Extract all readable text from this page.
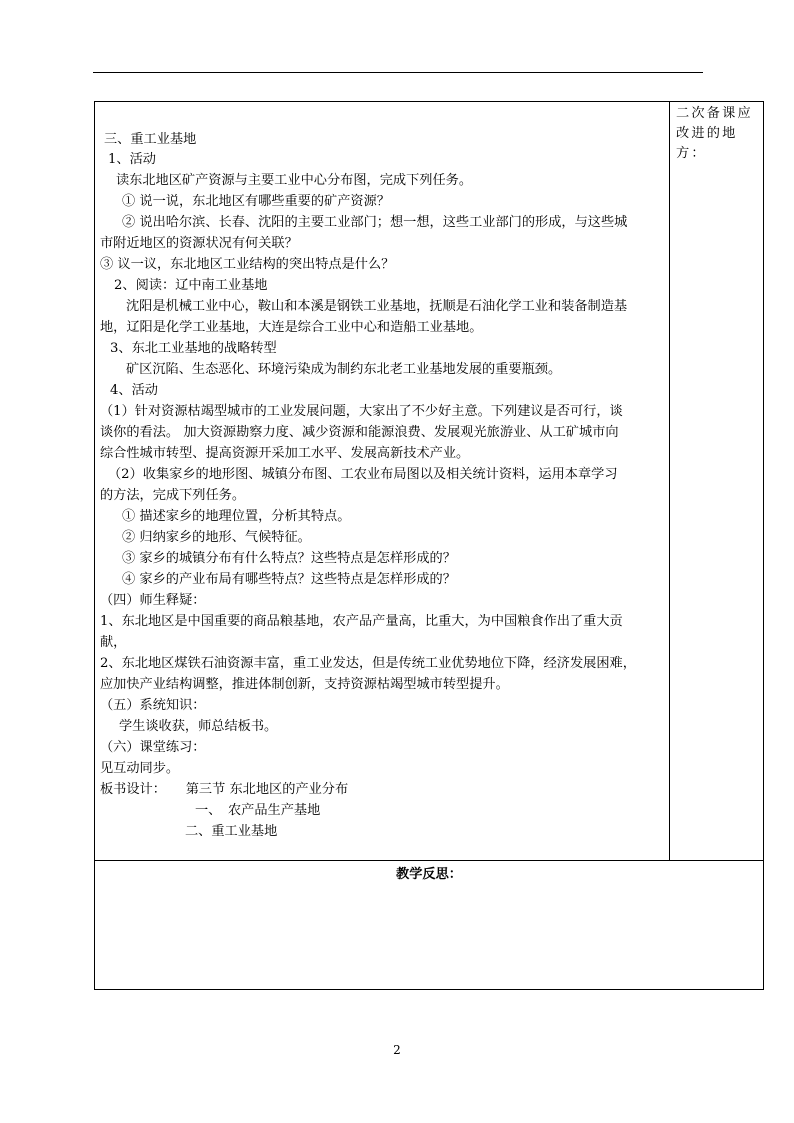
三、重工业基地
1、活动
读东北地区矿产资源与主要工业中心分布图，完成下列任务。
① 说一说，东北地区有哪些重要的矿产资源？
② 说出哈尔滨、长春、沈阳的主要工业部门；想一想，这些工业部门的形成，与这些城
市附近地区的资源状况有何关联？
③ 议一议，东北地区工业结构的突出特点是什么？
2、阅读：辽中南工业基地
沈阳是机械工业中心，鞍山和本溪是钢铁工业基地，抚顺是石油化学工业和装备制造基
地，辽阳是化学工业基地，大连是综合工业中心和造船工业基地。
3、东北工业基地的战略转型
矿区沉陷、生态恶化、环境污染成为制约东北老工业基地发展的重要瓶颈。
4、活动
（1）针对资源枯竭型城市的工业发展问题，大家出了不少好主意。下列建议是否可行，谈
谈你的看法。 加大资源勘察力度、减少资源和能源浪费、发展观光旅游业、从工矿城市向
综合性城市转型、提高资源开采加工水平、发展高新技术产业。
（2）收集家乡的地形图、城镇分布图、工农业布局图以及相关统计资料，运用本章学习
的方法，完成下列任务。
① 描述家乡的地理位置，分析其特点。
② 归纳家乡的地形、气候特征。
③ 家乡的城镇分布有什么特点？这些特点是怎样形成的？
④ 家乡的产业布局有哪些特点？这些特点是怎样形成的？
（四）师生释疑：
1、东北地区是中国重要的商品粮基地，农产品产量高，比重大，为中国粮食作出了重大贡
献，
2、东北地区煤铁石油资源丰富，重工业发达，但是传统工业优势地位下降，经济发展困难，
应加快产业结构调整，推进体制创新，支持资源枯竭型城市转型提升。
（五）系统知识：
学生谈收获，师总结板书。
（六）课堂练习：
见互动同步。
板书设计：　　第三节 东北地区的产业分布
一、　农产品生产基地
二、重工业基地
二次备课应改进的地方：
教学反思：
2
